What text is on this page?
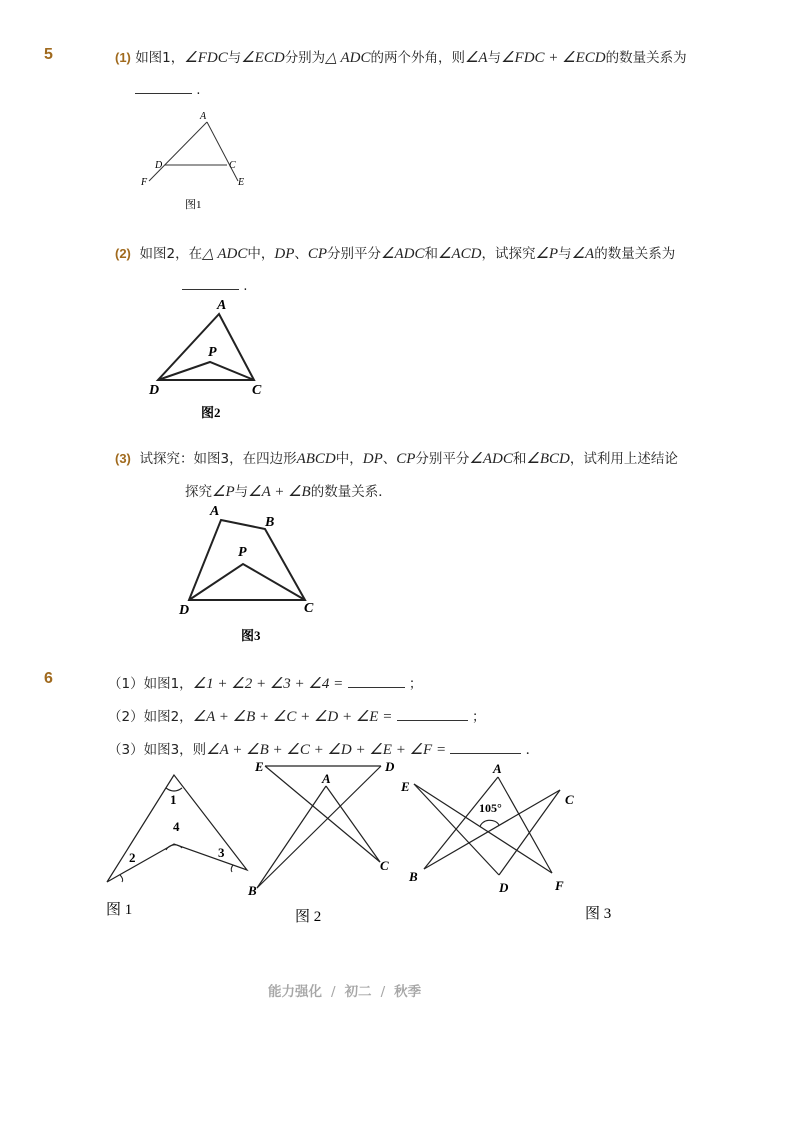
5	(1) 如图1，∠FDC与∠ECD分别为△ ADC的两个外角，则∠A与∠FDC + ∠ECD的数量关系为
.
A
D	C
F	E
图1
(2) 如图2，在△ ADC中，DP、CP分别平分∠ADC和∠ACD，试探究∠P与∠A的数量关系为
.
A
P
D	C
图2
(3) 试探究：如图3，在四边形ABCD中，DP、CP分别平分∠ADC和∠BCD，试利用上述结论
探究∠P与∠A + ∠B的数量关系．
A
B
P
D	C
图3
6	（1）如图1，∠1 + ∠2 + ∠3 + ∠4 =	；
（2）如图2，∠A + ∠B + ∠C + ∠D + ∠E =	；
（3）如图3，则∠A + ∠B + ∠C + ∠D + ∠E + ∠F =	．
1
2	3
4
图 1
E	D
A
B
C
图 2
A
E
C
B
D	F
105°
图 3
能力强化 / 初二 / 秋季
